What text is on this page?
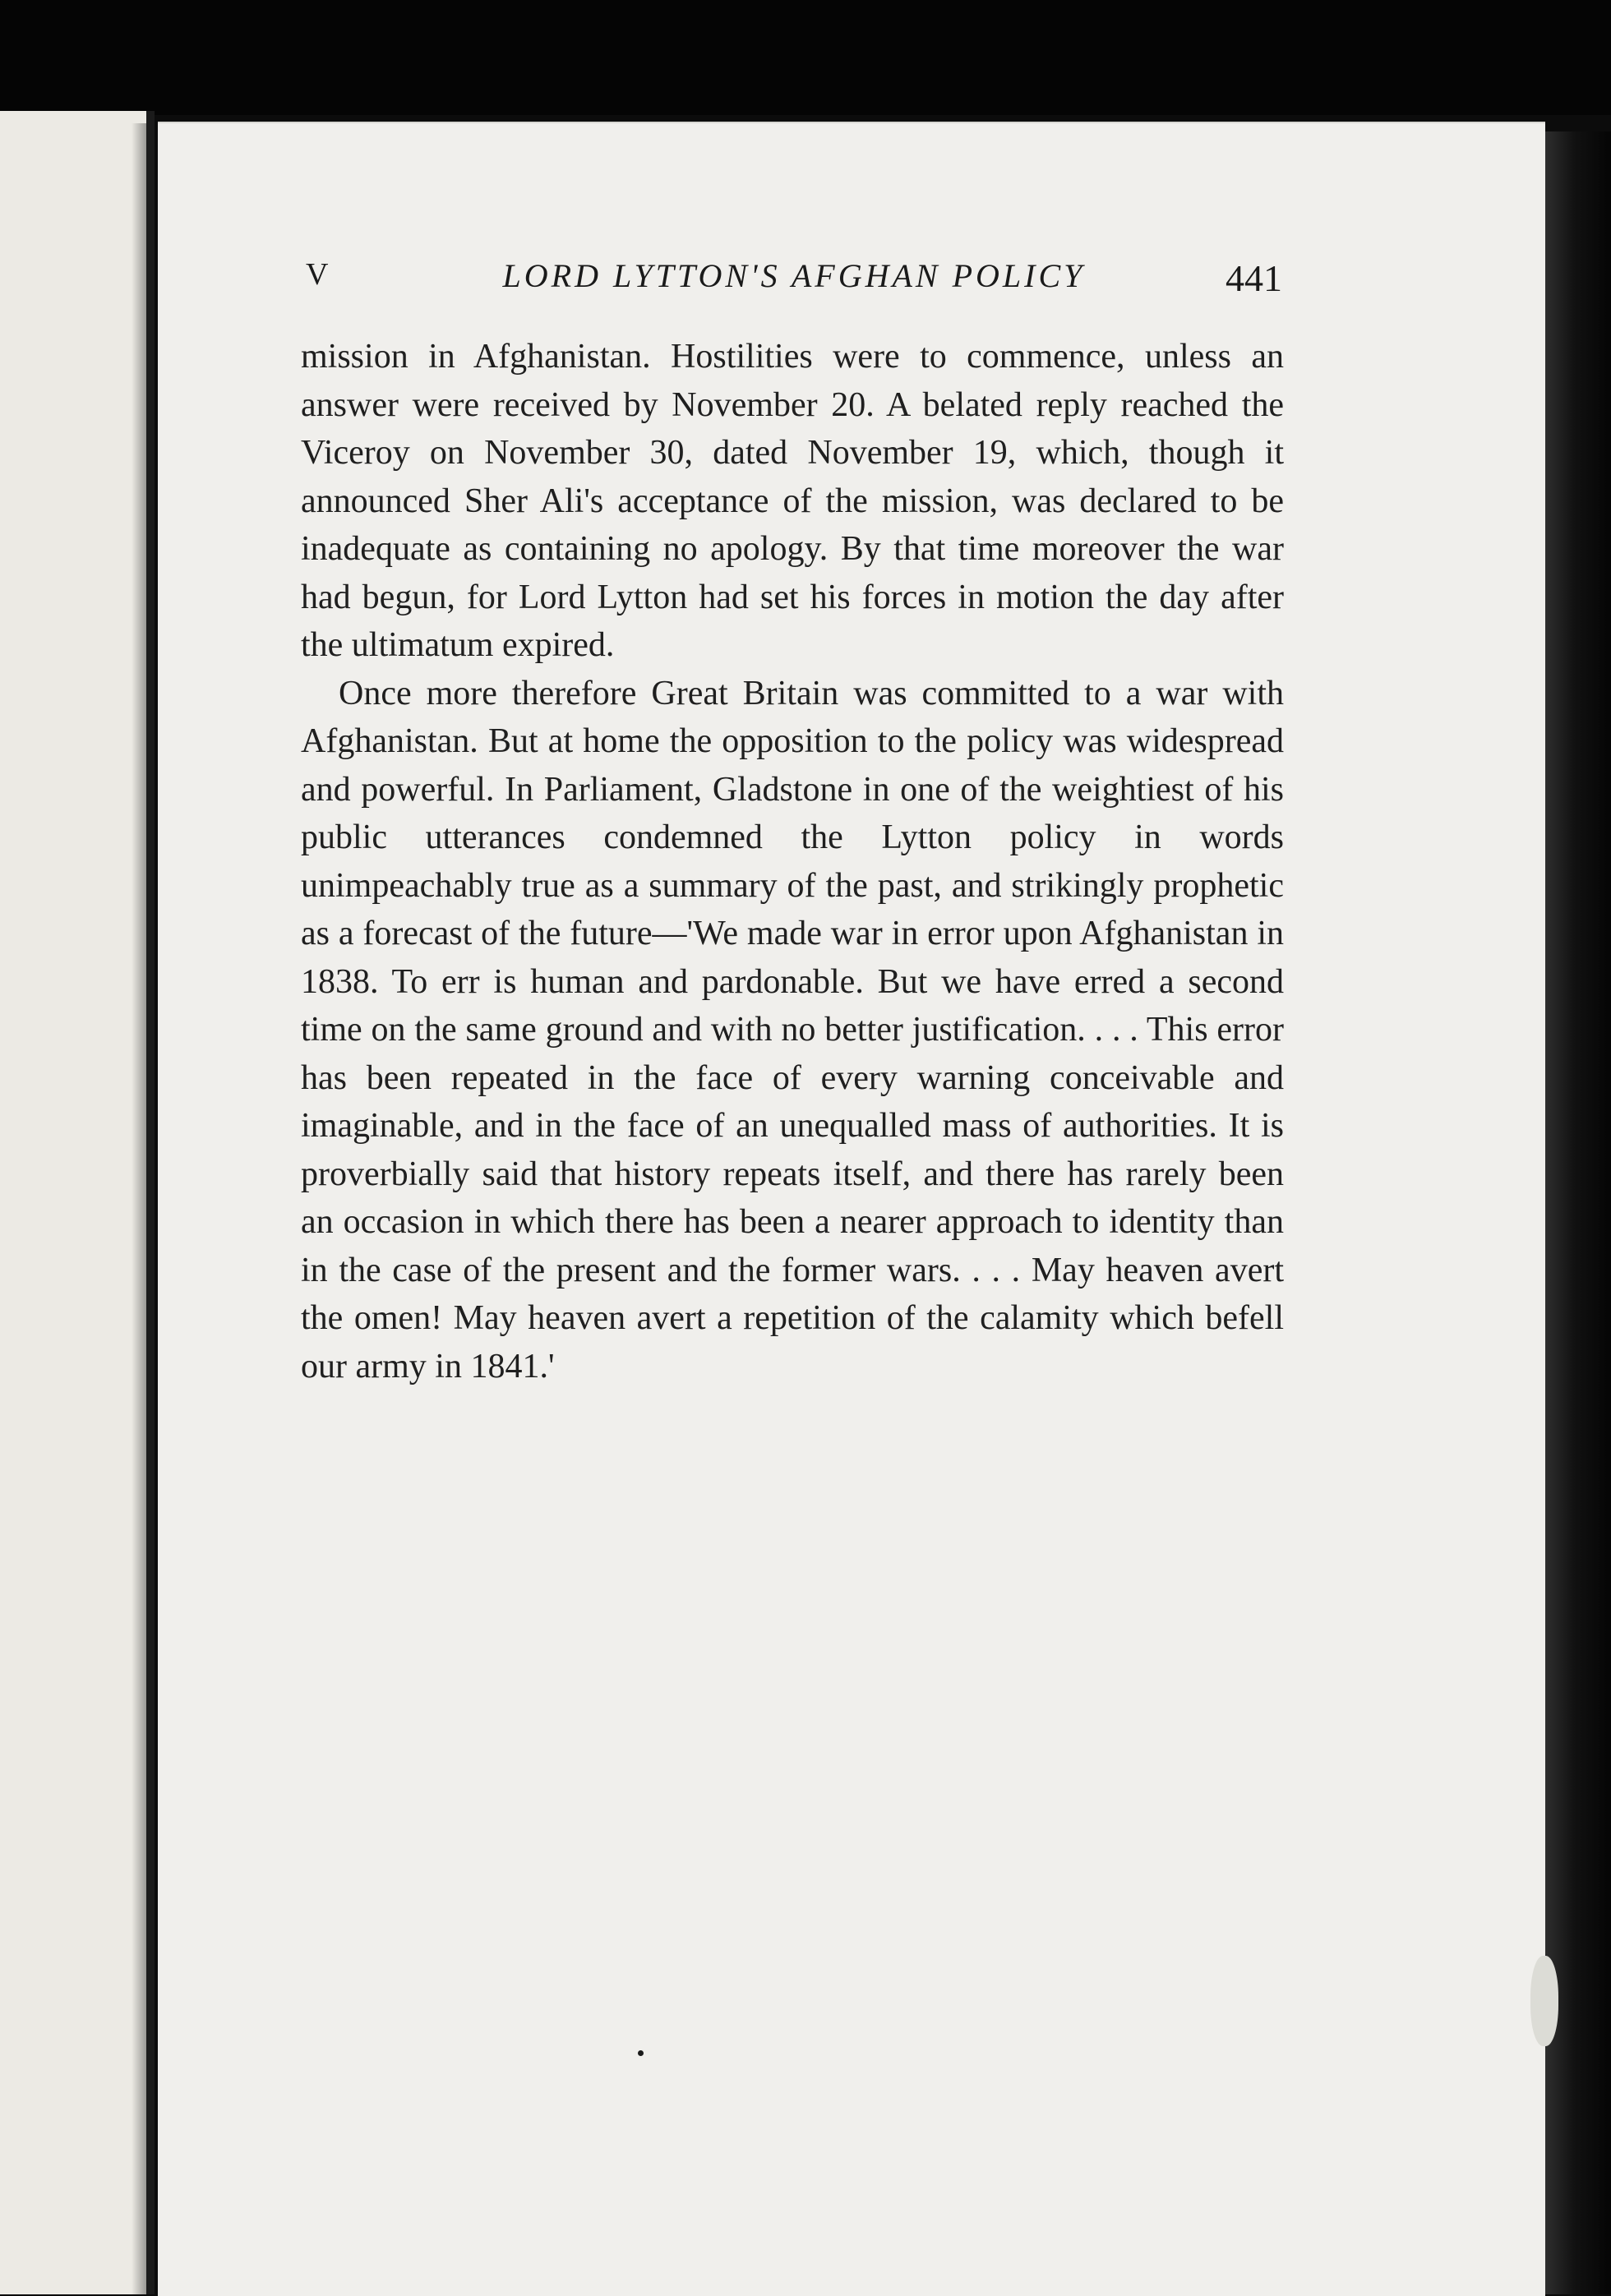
V	LORD LYTTON'S AFGHAN POLICY	441

mission in Afghanistan. Hostilities were to commence, unless an answer were received by November 20. A belated reply reached the Viceroy on November 30, dated November 19, which, though it announced Sher Ali's acceptance of the mission, was declared to be inadequate as containing no apology. By that time moreover the war had begun, for Lord Lytton had set his forces in motion the day after the ultimatum expired.

Once more therefore Great Britain was committed to a war with Afghanistan. But at home the opposition to the policy was widespread and powerful. In Parliament, Gladstone in one of the weightiest of his public utterances condemned the Lytton policy in words unimpeachably true as a summary of the past, and strikingly prophetic as a forecast of the future—'We made war in error upon Afghanistan in 1838. To err is human and pardonable. But we have erred a second time on the same ground and with no better justification. . . . This error has been repeated in the face of every warning conceivable and imaginable, and in the face of an unequalled mass of authorities. It is proverbially said that history repeats itself, and there has rarely been an occasion in which there has been a nearer approach to identity than in the case of the present and the former wars. . . . May heaven avert the omen! May heaven avert a repetition of the calamity which befell our army in 1841.'
